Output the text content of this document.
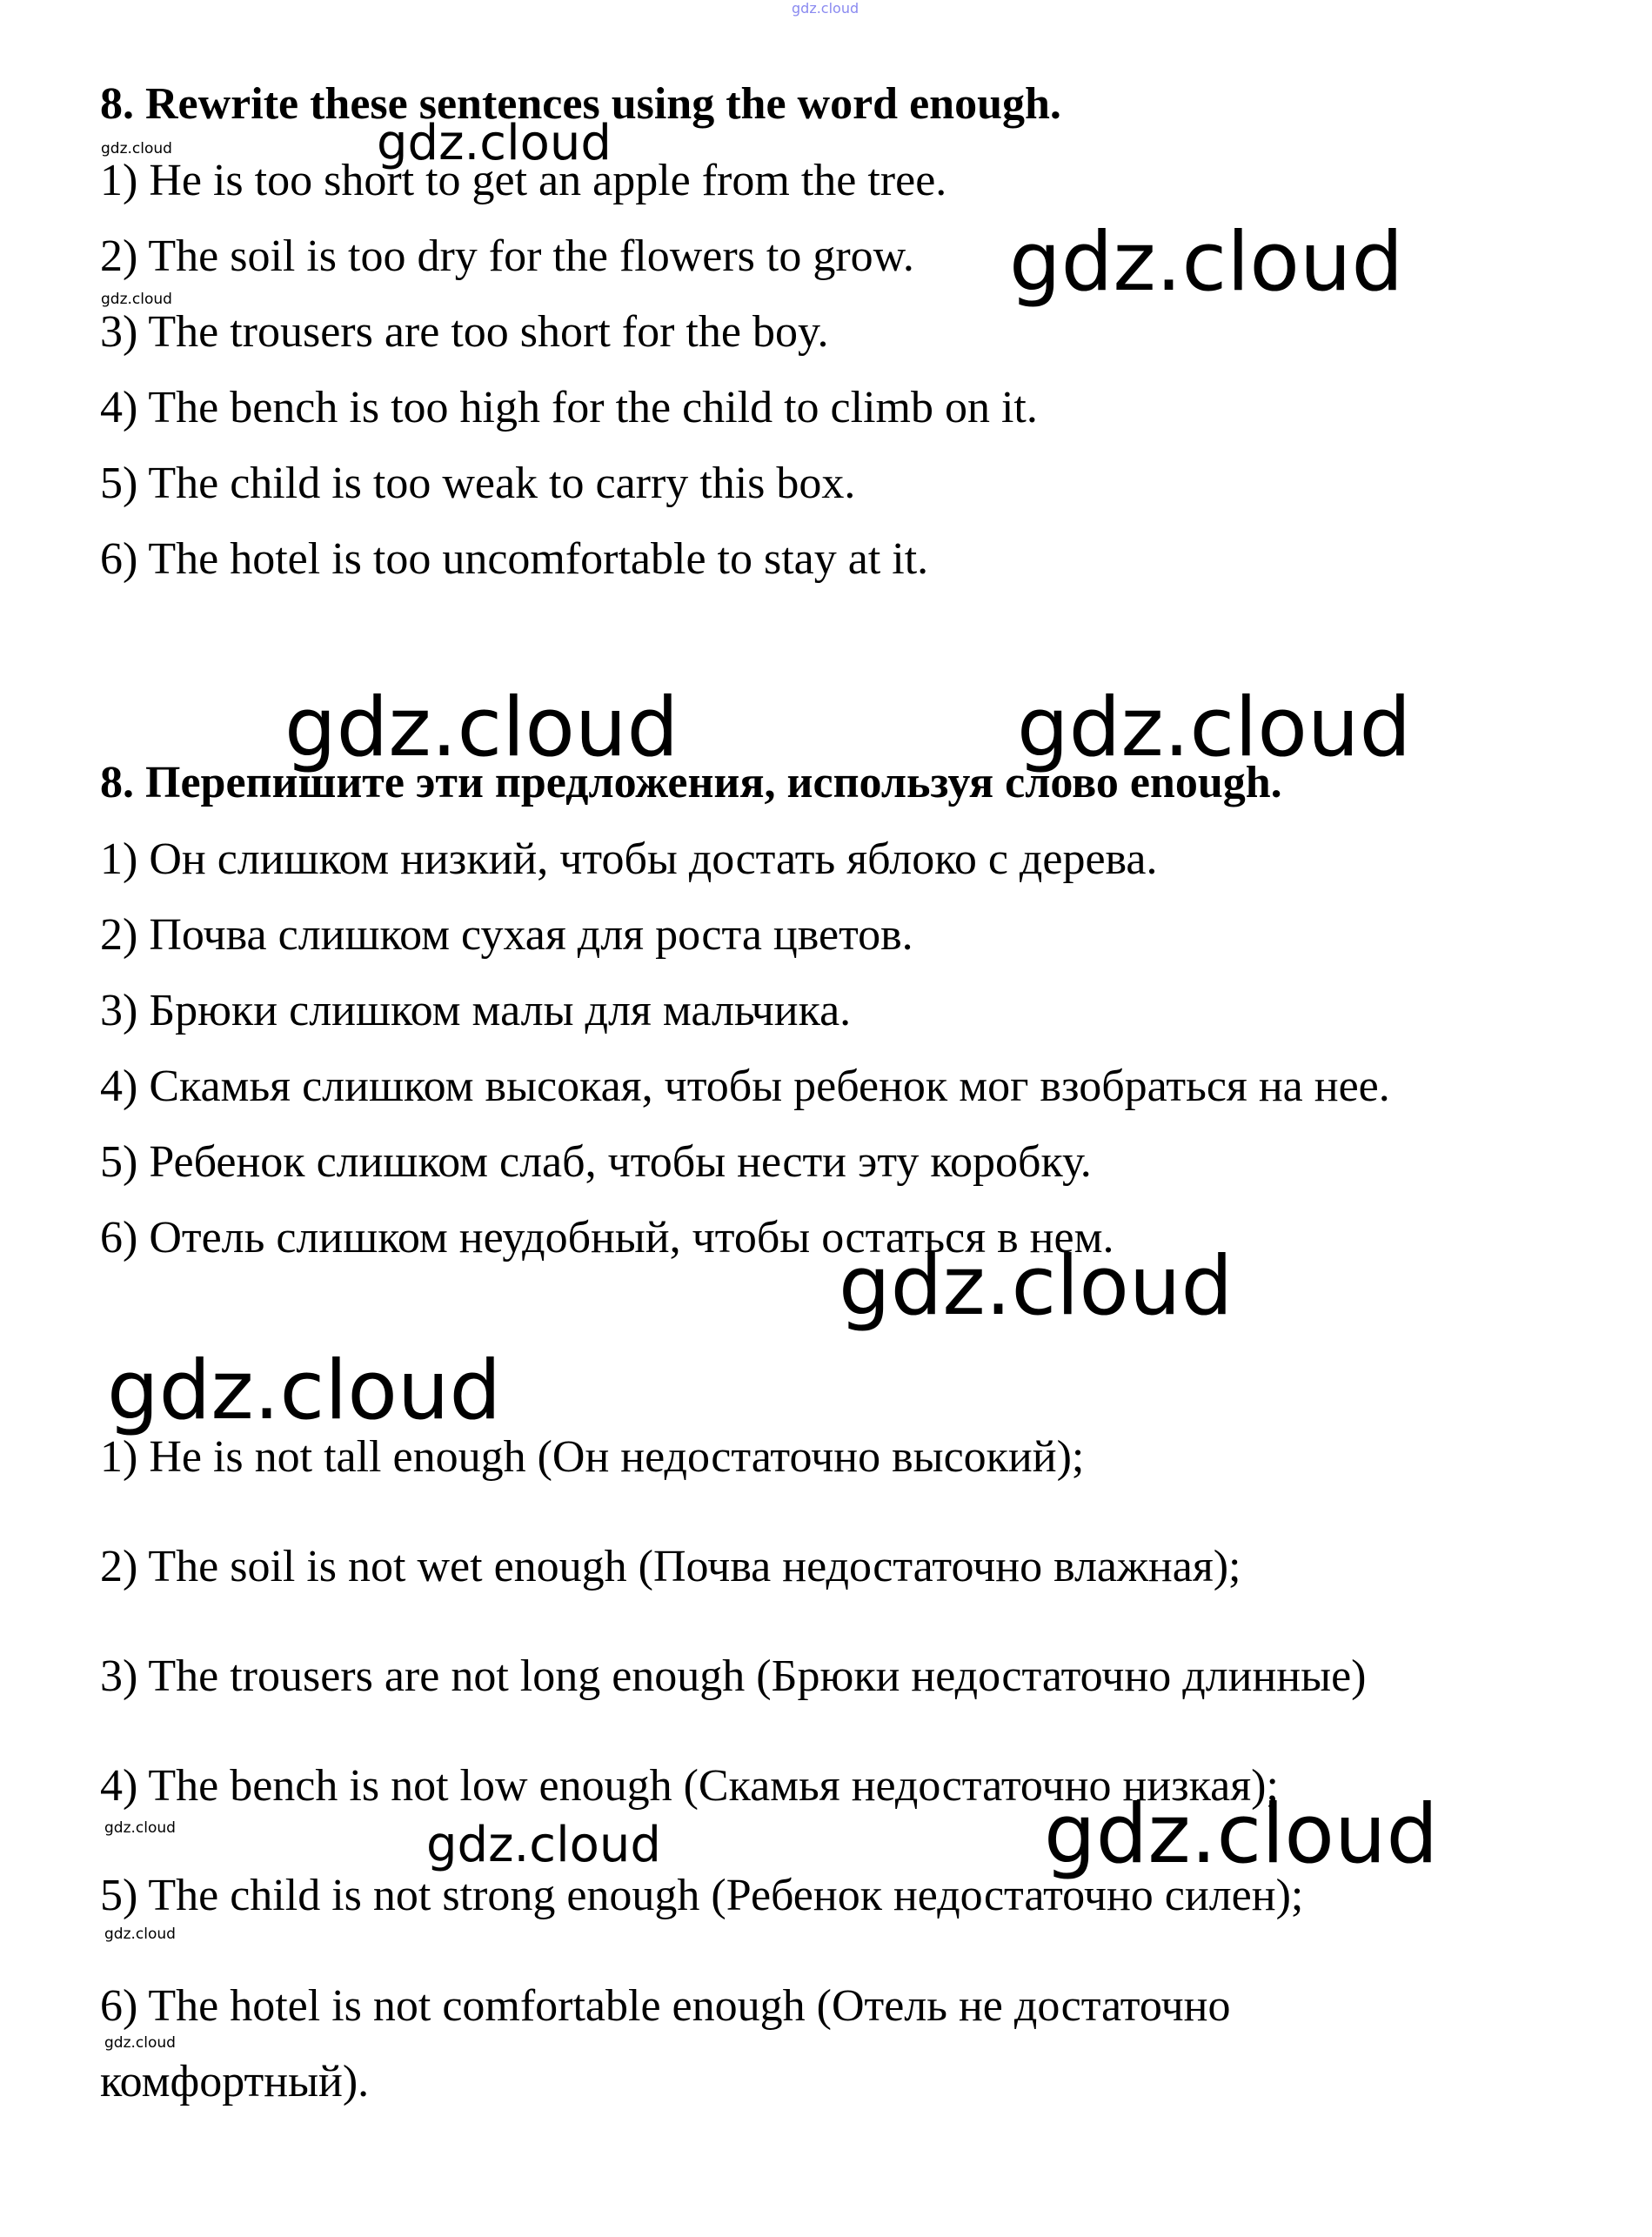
8. Rewrite these sentences using the word enough.
1) He is too short to get an apple from the tree.
2) The soil is too dry for the flowers to grow.
3) The trousers are too short for the boy.
4) The bench is too high for the child to climb on it.
5) The child is too weak to carry this box.
6) The hotel is too uncomfortable to stay at it.
8. Перепишите эти предложения, используя слово enough.
1) Он слишком низкий, чтобы достать яблоко с дерева.
2) Почва слишком сухая для роста цветов.
3) Брюки слишком малы для мальчика.
4) Скамья слишком высокая, чтобы ребенок мог взобраться на нее.
5) Ребенок слишком слаб, чтобы нести эту коробку.
6) Отель слишком неудобный, чтобы остаться в нем.
1) He is not tall enough (Он недостаточно высокий);
2) The soil is not wet enough (Почва недостаточно влажная);
3) The trousers are not long enough (Брюки недостаточно длинные)
4) The bench is not low enough (Скамья недостаточно низкая);
5) The child is not strong enough (Ребенок недостаточно силен);
6) The hotel is not comfortable enough (Отель не достаточно
комфортный).
gdz.cloud
gdz.cloud
gdz.cloud
gdz.cloud
gdz.cloud
gdz.cloud	gdz.cloud
gdz.cloud
gdz.cloud
gdz.cloud	gdz.cloud	gdz.cloud
gdz.cloud
gdz.cloud
